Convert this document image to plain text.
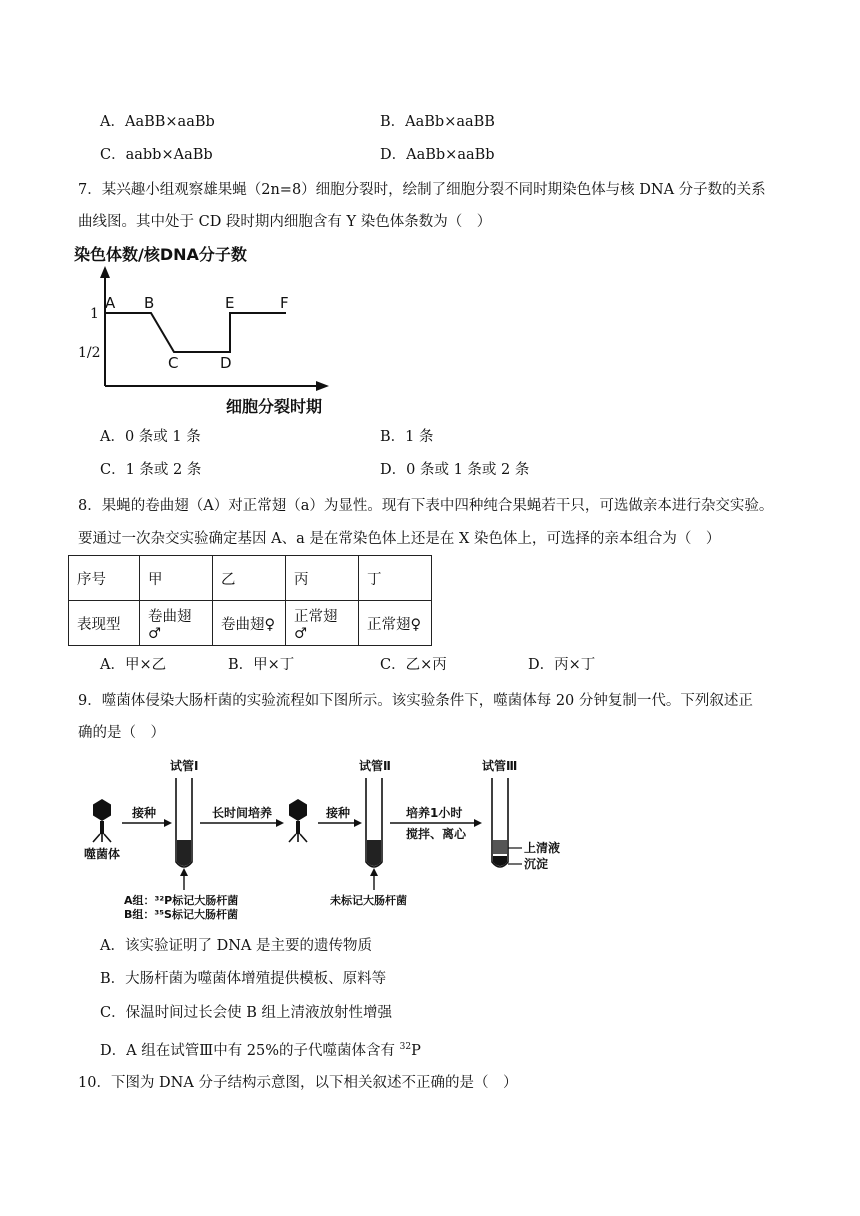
A．AaBB×aaBb	B．AaBb×aaBB
C．aabb×AaBb	D．AaBb×aaBb
7．某兴趣小组观察雄果蝇（2n=8）细胞分裂时，绘制了细胞分裂不同时期染色体与核 DNA 分子数的关系
曲线图。其中处于 CD 段时期内细胞含有 Y 染色体条数为（　）
染色体数/核DNA分子数
1
1/2
A B
C	D
E	F
细胞分裂时期
A．0 条或 1 条	B．1 条
C．1 条或 2 条	D．0 条或 1 条或 2 条
8．果蝇的卷曲翅（A）对正常翅（a）为显性。现有下表中四种纯合果蝇若干只，可选做亲本进行杂交实验。
要通过一次杂交实验确定基因 A、a 是在常染色体上还是在 X 染色体上，可选择的亲本组合为（　）
序号	甲	乙	丙	丁
表现型	卷曲翅♂	卷曲翅♀	正常翅♂	正常翅♀
A．甲×乙	B．甲×丁	C．乙×丙	D．丙×丁
9．噬菌体侵染大肠杆菌的实验流程如下图所示。该实验条件下，噬菌体每 20 分钟复制一代。下列叙述正
确的是（　）
试管Ⅰ	试管Ⅱ	试管Ⅲ
噬菌体
接种
A组：³²P标记大肠杆菌
B组：³⁵S标记大肠杆菌
长时间培养	接种
未标记大肠杆菌
培养1小时
搅拌、离心
上清液
沉淀
A．该实验证明了 DNA 是主要的遗传物质
B．大肠杆菌为噬菌体增殖提供模板、原料等
C．保温时间过长会使 B 组上清液放射性增强
D．A 组在试管Ⅲ中有 25%的子代噬菌体含有 $^{32}$P
10．下图为 DNA 分子结构示意图，以下相关叙述不正确的是（　）
